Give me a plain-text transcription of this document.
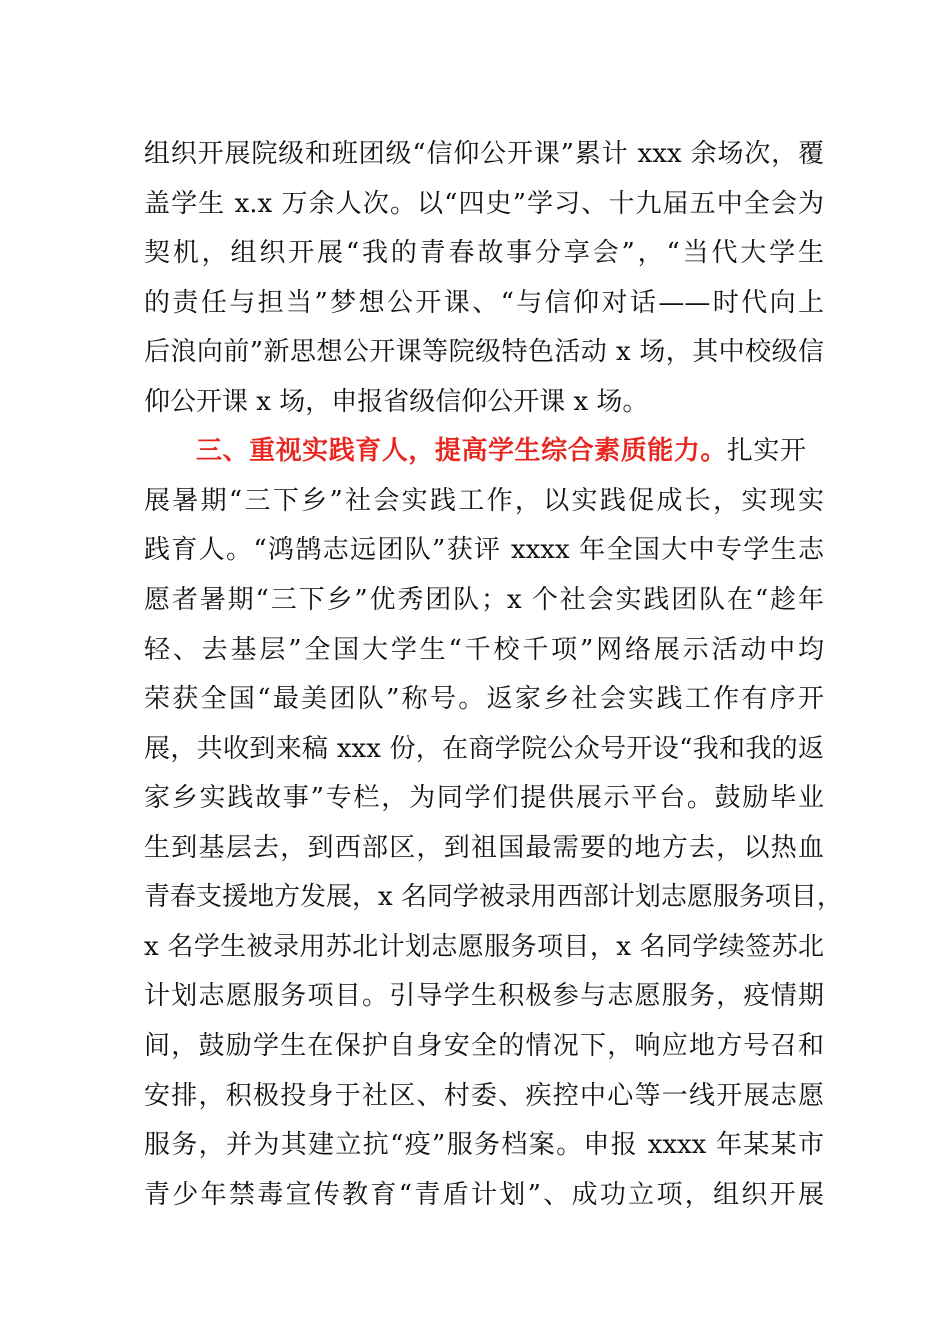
组织开展院级和班团级“信仰公开课”累计 xxx 余场次，覆
盖学生 x.x 万余人次。以“四史”学习、十九届五中全会为
契机，组织开展“我的青春故事分享会”，“当代大学生
的责任与担当”梦想公开课、“与信仰对话——时代向上
后浪向前”新思想公开课等院级特色活动 x 场，其中校级信
仰公开课 x 场，申报省级信仰公开课 x 场。
三、重视实践育人，提高学生综合素质能力。扎实开
展暑期“三下乡”社会实践工作，以实践促成长，实现实
践育人。“鸿鹄志远团队”获评 xxxx 年全国大中专学生志
愿者暑期“三下乡”优秀团队；x 个社会实践团队在“趁年
轻、去基层”全国大学生“千校千项”网络展示活动中均
荣获全国“最美团队”称号。返家乡社会实践工作有序开
展，共收到来稿 xxx 份，在商学院公众号开设“我和我的返
家乡实践故事”专栏，为同学们提供展示平台。鼓励毕业
生到基层去，到西部区，到祖国最需要的地方去，以热血
青春支援地方发展，x 名同学被录用西部计划志愿服务项目，
x 名学生被录用苏北计划志愿服务项目，x 名同学续签苏北
计划志愿服务项目。引导学生积极参与志愿服务，疫情期
间，鼓励学生在保护自身安全的情况下，响应地方号召和
安排，积极投身于社区、村委、疾控中心等一线开展志愿
服务，并为其建立抗“疫”服务档案。申报 xxxx 年某某市
青少年禁毒宣传教育“青盾计划”、成功立项，组织开展
